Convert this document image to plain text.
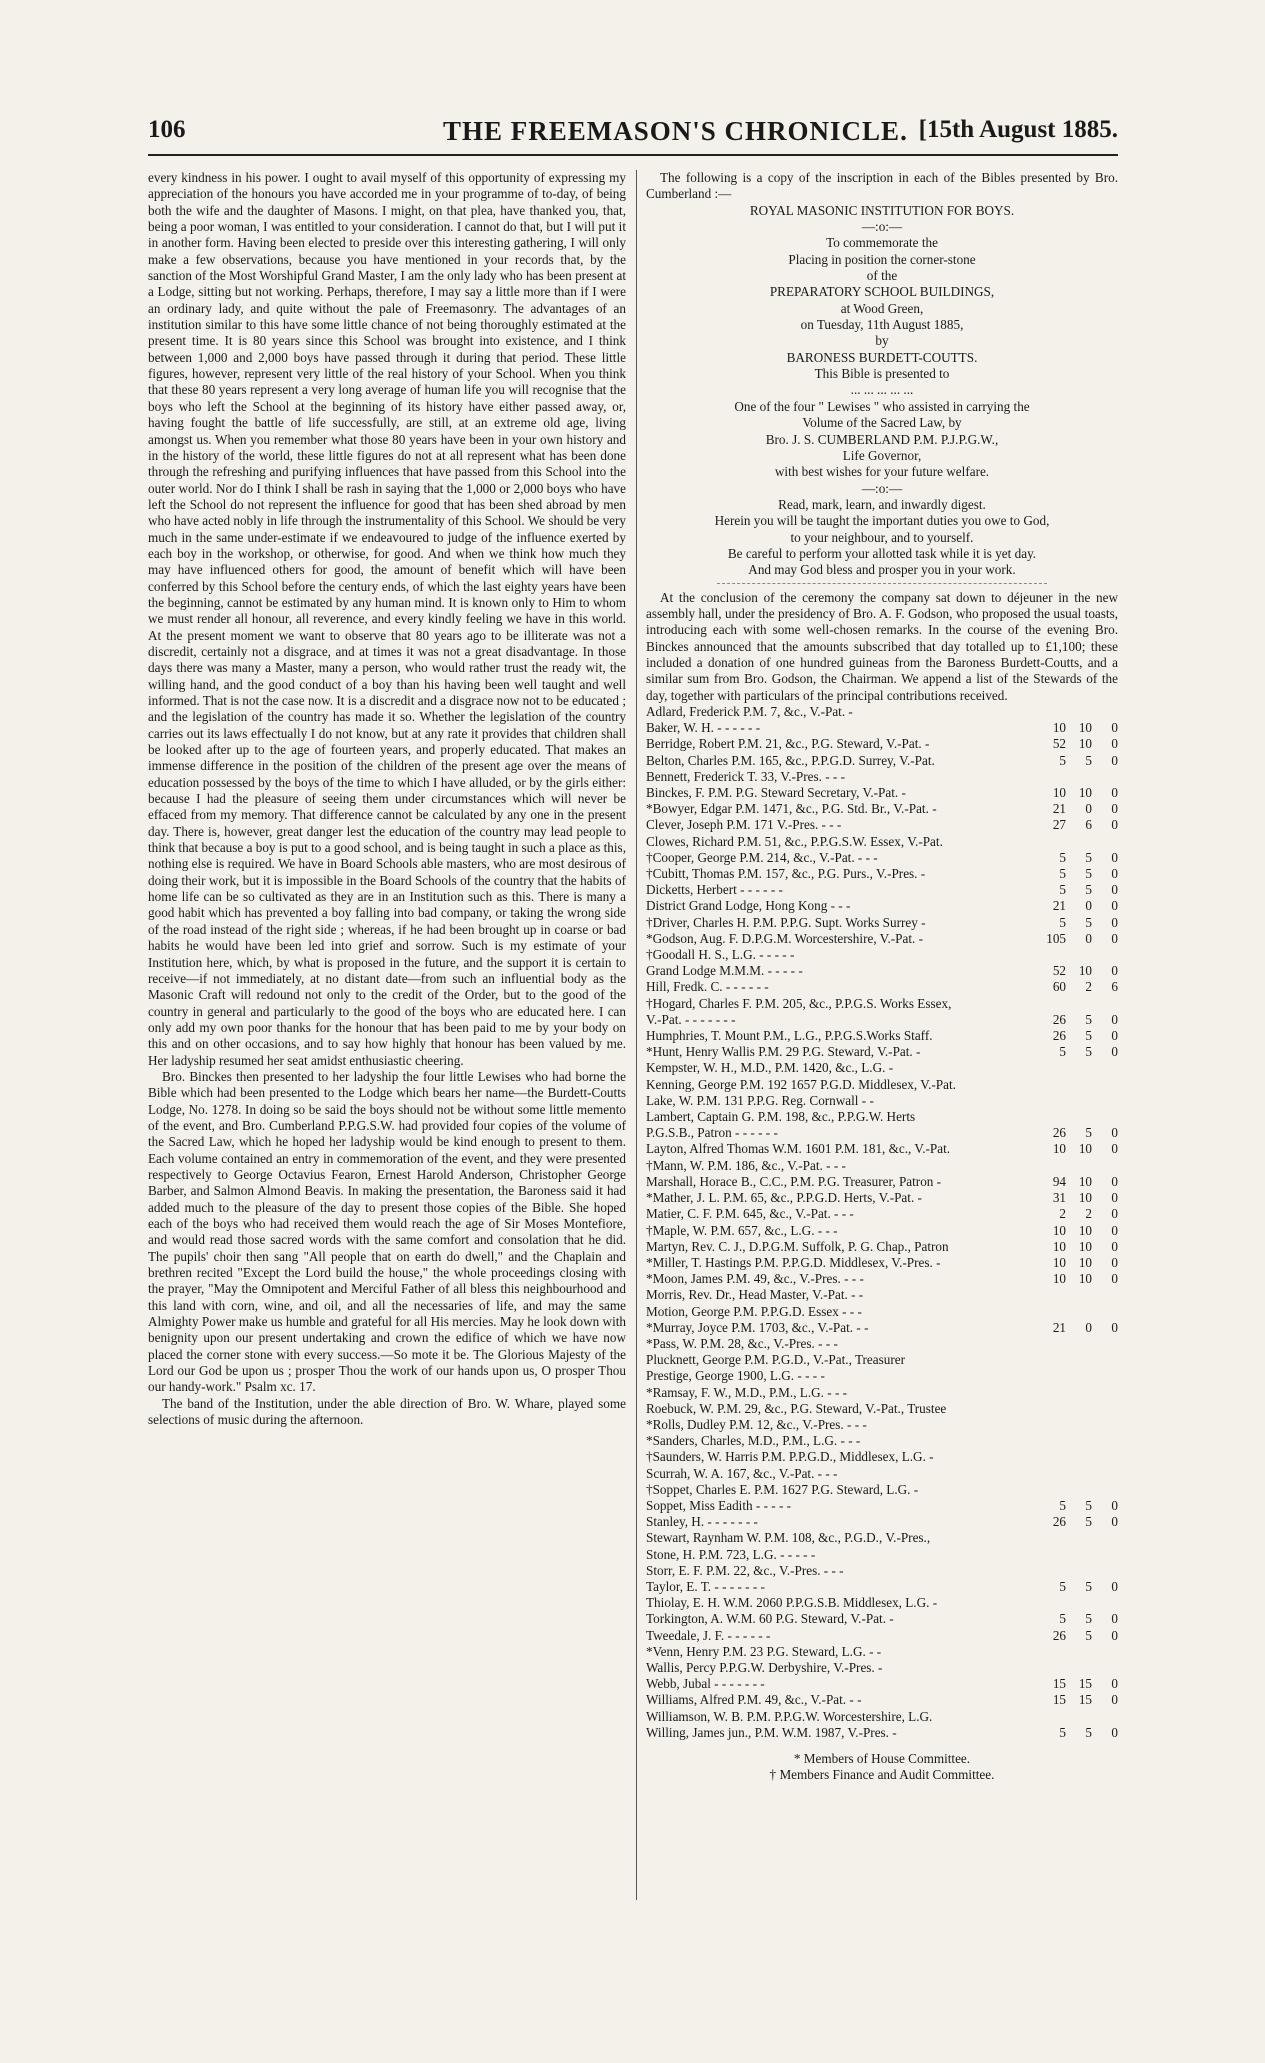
106	THE FREEMASON'S CHRONICLE. [15th August 1885.

every kindness in his power. I ought to avail myself of this opportunity of expressing my appreciation of the honours you have accorded me in your programme of to-day, of being both the wife and the daughter of Masons. I might, on that plea, have thanked you, that, being a poor woman, I was entitled to your consideration. I cannot do that, but I will put it in another form. Having been elected to preside over this interesting gathering, I will only make a few observations, because you have mentioned in your records that, by the sanction of the Most Worshipful Grand Master, I am the only lady who has been present at a Lodge, sitting but not working. Perhaps, therefore, I may say a little more than if I were an ordinary lady, and quite without the pale of Freemasonry. The advantages of an institution similar to this have some little chance of not being thoroughly estimated at the present time. It is 80 years since this School was brought into existence, and I think between 1,000 and 2,000 boys have passed through it during that period. These little figures, however, represent very little of the real history of your School. When you think that these 80 years represent a very long average of human life you will recognise that the boys who left the School at the beginning of its history have either passed away, or, having fought the battle of life successfully, are still, at an extreme old age, living amongst us. When you remember what those 80 years have been in your own history and in the history of the world, these little figures do not at all represent what has been done through the refreshing and purifying influences that have passed from this School into the outer world. Nor do I think I shall be rash in saying that the 1,000 or 2,000 boys who have left the School do not represent the influence for good that has been shed abroad by men who have acted nobly in life through the instrumentality of this School. We should be very much in the same under-estimate if we endeavoured to judge of the influence exerted by each boy in the workshop, or otherwise, for good. And when we think how much they may have influenced others for good, the amount of benefit which will have been conferred by this School before the century ends, of which the last eighty years have been the beginning, cannot be estimated by any human mind. It is known only to Him to whom we must render all honour, all reverence, and every kindly feeling we have in this world. At the present moment we want to observe that 80 years ago to be illiterate was not a discredit, certainly not a disgrace, and at times it was not a great disadvantage. In those days there was many a Master, many a person, who would rather trust the ready wit, the willing hand, and the good conduct of a boy than his having been well taught and well informed. That is not the case now. It is a discredit and a disgrace now not to be educated ; and the legislation of the country has made it so. Whether the legislation of the country carries out its laws effectually I do not know, but at any rate it provides that children shall be looked after up to the age of fourteen years, and properly educated. That makes an immense difference in the position of the children of the present age over the means of education possessed by the boys of the time to which I have alluded, or by the girls either: because I had the pleasure of seeing them under circumstances which will never be effaced from my memory. That difference cannot be calculated by any one in the present day. There is, however, great danger lest the education of the country may lead people to think that because a boy is put to a good school, and is being taught in such a place as this, nothing else is required. We have in Board Schools able masters, who are most desirous of doing their work, but it is impossible in the Board Schools of the country that the habits of home life can be so cultivated as they are in an Institution such as this. There is many a good habit which has prevented a boy falling into bad company, or taking the wrong side of the road instead of the right side ; whereas, if he had been brought up in coarse or bad habits he would have been led into grief and sorrow. Such is my estimate of your Institution here, which, by what is proposed in the future, and the support it is certain to receive—if not immediately, at no distant date—from such an influential body as the Masonic Craft will redound not only to the credit of the Order, but to the good of the country in general and particularly to the good of the boys who are educated here. I can only add my own poor thanks for the honour that has been paid to me by your body on this and on other occasions, and to say how highly that honour has been valued by me. Her ladyship resumed her seat amidst enthusiastic cheering.

Bro. Binckes then presented to her ladyship the four little Lewises who had borne the Bible which had been presented to the Lodge which bears her name—the Burdett-Coutts Lodge, No. 1278. In doing so be said the boys should not be without some little memento of the event, and Bro. Cumberland P.P.G.S.W. had provided four copies of the volume of the Sacred Law, which he hoped her ladyship would be kind enough to present to them. Each volume contained an entry in commemoration of the event, and they were presented respectively to George Octavius Fearon, Ernest Harold Anderson, Christopher George Barber, and Salmon Almond Beavis. In making the presentation, the Baroness said it had added much to the pleasure of the day to present those copies of the Bible. She hoped each of the boys who had received them would reach the age of Sir Moses Montefiore, and would read those sacred words with the same comfort and consolation that he did. The pupils' choir then sang "All people that on earth do dwell," and the Chaplain and brethren recited "Except the Lord build the house," the whole proceedings closing with the prayer, "May the Omnipotent and Merciful Father of all bless this neighbourhood and this land with corn, wine, and oil, and all the necessaries of life, and may the same Almighty Power make us humble and grateful for all His mercies. May he look down with benignity upon our present undertaking and crown the edifice of which we have now placed the corner stone with every success.—So mote it be. The Glorious Majesty of the Lord our God be upon us ; prosper Thou the work of our hands upon us, O prosper Thou our handy-work." Psalm xc. 17.

The band of the Institution, under the able direction of Bro. W. Whare, played some selections of music during the afternoon.

The following is a copy of the inscription in each of the Bibles presented by Bro. Cumberland :—

ROYAL MASONIC INSTITUTION FOR BOYS.
—:o:—
To commemorate the
Placing in position the corner-stone
of the
PREPARATORY SCHOOL BUILDINGS,
at Wood Green,
on Tuesday, 11th August 1885,
by
BARONESS BURDETT-COUTTS.
This Bible is presented to
... ... ... ... ...
One of the four " Lewises " who assisted in carrying the
Volume of the Sacred Law, by
Bro. J. S. CUMBERLAND P.M. P.J.P.G.W.,
Life Governor,
with best wishes for your future welfare.
—:o:—
Read, mark, learn, and inwardly digest.
Herein you will be taught the important duties you owe to God,
to your neighbour, and to yourself.
Be careful to perform your allotted task while it is yet day.
And may God bless and prosper you in your work.

At the conclusion of the ceremony the company sat down to déjeuner in the new assembly hall, under the presidency of Bro. A. F. Godson, who proposed the usual toasts, introducing each with some well-chosen remarks. In the course of the evening Bro. Binckes announced that the amounts subscribed that day totalled up to £1,100; these included a donation of one hundred guineas from the Baroness Burdett-Coutts, and a similar sum from Bro. Godson, the Chairman. We append a list of the Stewards of the day, together with particulars of the principal contributions received.

Adlard, Frederick P.M. 7, &c., V.-Pat. -			
Baker, W. H. - - - - - -	10	10	0
Berridge, Robert P.M. 21, &c., P.G. Steward, V.-Pat. -	52	10	0
Belton, Charles P.M. 165, &c., P.P.G.D. Surrey, V.-Pat.	5	5	0
Bennett, Frederick T. 33, V.-Pres. - - -			
Binckes, F. P.M. P.G. Steward Secretary, V.-Pat. -	10	10	0
*Bowyer, Edgar P.M. 1471, &c., P.G. Std. Br., V.-Pat. -	21	0	0
Clever, Joseph P.M. 171 V.-Pres. - - -	27	6	0
Clowes, Richard P.M. 51, &c., P.P.G.S.W. Essex, V.-Pat.			
†Cooper, George P.M. 214, &c., V.-Pat. - - -	5	5	0
†Cubitt, Thomas P.M. 157, &c., P.G. Purs., V.-Pres. -	5	5	0
Dicketts, Herbert - - - - - -	5	5	0
District Grand Lodge, Hong Kong - - -	21	0	0
†Driver, Charles H. P.M. P.P.G. Supt. Works Surrey -	5	5	0
*Godson, Aug. F. D.P.G.M. Worcestershire, V.-Pat. -	105	0	0
†Goodall H. S., L.G. - - - - -			
Grand Lodge M.M.M. - - - - -	52	10	0
Hill, Fredk. C. - - - - - -	60	2	6
†Hogard, Charles F. P.M. 205, &c., P.P.G.S. Works Essex,			
V.-Pat. - - - - - - -	26	5	0
Humphries, T. Mount P.M., L.G., P.P.G.S.Works Staff.	26	5	0
*Hunt, Henry Wallis P.M. 29 P.G. Steward, V.-Pat. -	5	5	0
Kempster, W. H., M.D., P.M. 1420, &c., L.G. -			
Kenning, George P.M. 192 1657 P.G.D. Middlesex, V.-Pat.			
Lake, W. P.M. 131 P.P.G. Reg. Cornwall - -			
Lambert, Captain G. P.M. 198, &c., P.P.G.W. Herts			
P.G.S.B., Patron - - - - - -	26	5	0
Layton, Alfred Thomas W.M. 1601 P.M. 181, &c., V.-Pat.	10	10	0
†Mann, W. P.M. 186, &c., V.-Pat. - - -			
Marshall, Horace B., C.C., P.M. P.G. Treasurer, Patron -	94	10	0
*Mather, J. L. P.M. 65, &c., P.P.G.D. Herts, V.-Pat. -	31	10	0
Matier, C. F. P.M. 645, &c., V.-Pat. - - -	2	2	0
†Maple, W. P.M. 657, &c., L.G. - - -	10	10	0
Martyn, Rev. C. J., D.P.G.M. Suffolk, P. G. Chap., Patron	10	10	0
*Miller, T. Hastings P.M. P.P.G.D. Middlesex, V.-Pres. -	10	10	0
*Moon, James P.M. 49, &c., V.-Pres. - - -	10	10	0
Morris, Rev. Dr., Head Master, V.-Pat. - -			
Motion, George P.M. P.P.G.D. Essex - - -			
*Murray, Joyce P.M. 1703, &c., V.-Pat. - -	21	0	0
*Pass, W. P.M. 28, &c., V.-Pres. - - -			
Plucknett, George P.M. P.G.D., V.-Pat., Treasurer			
Prestige, George 1900, L.G. - - - -			
*Ramsay, F. W., M.D., P.M., L.G. - - -			
Roebuck, W. P.M. 29, &c., P.G. Steward, V.-Pat., Trustee			
*Rolls, Dudley P.M. 12, &c., V.-Pres. - - -			
*Sanders, Charles, M.D., P.M., L.G. - - -			
†Saunders, W. Harris P.M. P.P.G.D., Middlesex, L.G. -			
Scurrah, W. A. 167, &c., V.-Pat. - - -			
†Soppet, Charles E. P.M. 1627 P.G. Steward, L.G. -			
Soppet, Miss Eadith - - - - -	5	5	0
Stanley, H. - - - - - - -	26	5	0
Stewart, Raynham W. P.M. 108, &c., P.G.D., V.-Pres.,			
Stone, H. P.M. 723, L.G. - - - - -			
Storr, E. F. P.M. 22, &c., V.-Pres. - - -			
Taylor, E. T. - - - - - - -	5	5	0
Thiolay, E. H. W.M. 2060 P.P.G.S.B. Middlesex, L.G. -			
Torkington, A. W.M. 60 P.G. Steward, V.-Pat. -	5	5	0
Tweedale, J. F. - - - - - -	26	5	0
*Venn, Henry P.M. 23 P.G. Steward, L.G. - -			
Wallis, Percy P.P.G.W. Derbyshire, V.-Pres. -			
Webb, Jubal - - - - - - -	15	15	0
Williams, Alfred P.M. 49, &c., V.-Pat. - -	15	15	0
Williamson, W. B. P.M. P.P.G.W. Worcestershire, L.G.			
Willing, James jun., P.M. W.M. 1987, V.-Pres. -	5	5	0
* Members of House Committee.
† Members Finance and Audit Committee.
